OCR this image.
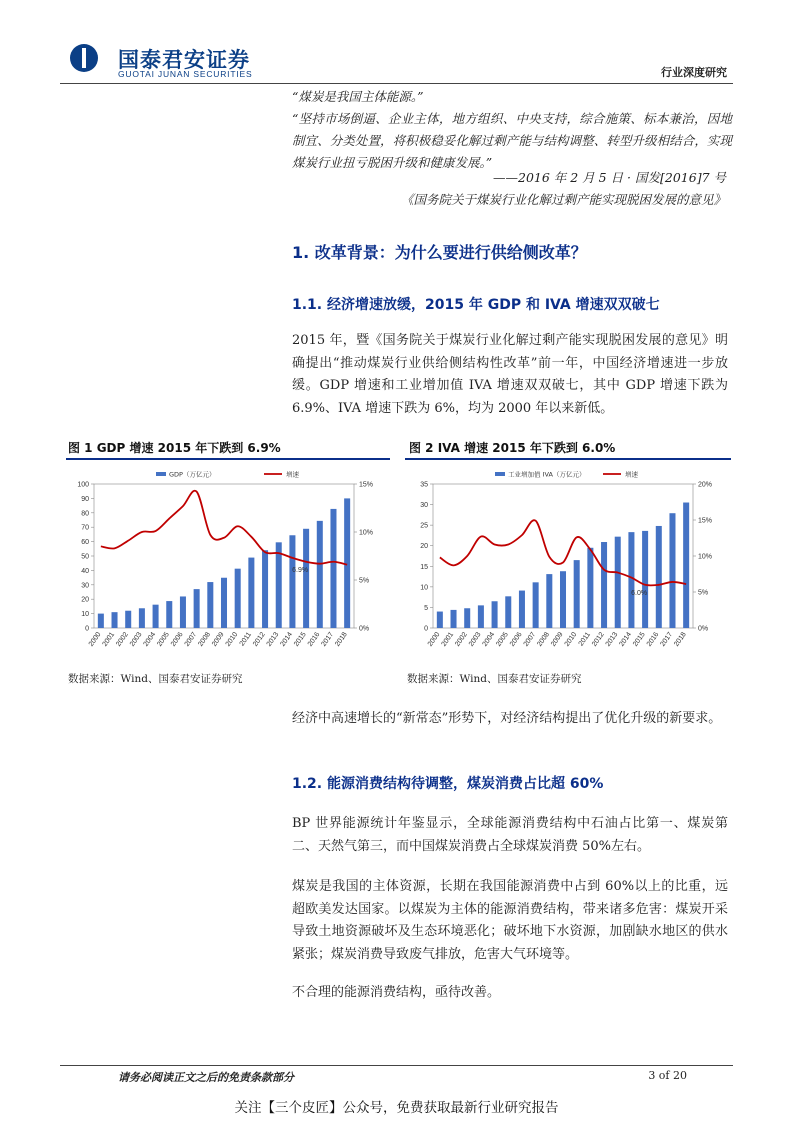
国泰君安证券
GUOTAI JUNAN SECURITIES	行业深度研究
“煤炭是我国主体能源。”
“坚持市场倒逼、企业主体，地方组织、中央支持，综合施策、标本兼治，因地制宜、分类处置，将积极稳妥化解过剩产能与结构调整、转型升级相结合，实现煤炭行业扭亏脱困升级和健康发展。”
——2016 年 2 月 5 日 · 国发[2016]7 号
《国务院关于煤炭行业化解过剩产能实现脱困发展的意见》
1. 改革背景：为什么要进行供给侧改革？
1.1. 经济增速放缓，2015 年 GDP 和 IVA 增速双双破七
2015 年，暨《国务院关于煤炭行业化解过剩产能实现脱困发展的意见》明确提出“推动煤炭行业供给侧结构性改革”前一年，中国经济增速进一步放缓。GDP 增速和工业增加值 IVA 增速双双破七，其中 GDP 增速下跌为 6.9%、IVA 增速下跌为 6%，均为 2000 年以来新低。
图 1 GDP 增速 2015 年下跌到 6.9%	图 2 IVA 增速 2015 年下跌到 6.0%
0
10
20
30
40
50
60
70
80
90
100
0%
5%
10%
15%
6.9%
2000 2001 2002 2003 2004 2005 2006 2007 2008 2009 2010 2011 2012 2013 2014 2015 2016 2017 2018
GDP（万亿元）	增速
0
5
10
15
20
25
30
35
0%
5%
10%
15%
20%
6.0%
2000 2001 2002 2003 2004 2005 2006 2007 2008 2009 2010 2011 2012 2013 2014 2015 2016 2017 2018
工业增加值 IVA（万亿元）	增速
数据来源：Wind、国泰君安证券研究	数据来源：Wind、国泰君安证券研究
经济中高速增长的“新常态”形势下，对经济结构提出了优化升级的新要求。
1.2. 能源消费结构待调整，煤炭消费占比超 60%
BP 世界能源统计年鉴显示，全球能源消费结构中石油占比第一、煤炭第二、天然气第三，而中国煤炭消费占全球煤炭消费 50%左右。
煤炭是我国的主体资源，长期在我国能源消费中占到 60%以上的比重，远超欧美发达国家。以煤炭为主体的能源消费结构，带来诸多危害：煤炭开采导致土地资源破坏及生态环境恶化；破坏地下水资源，加剧缺水地区的供水紧张；煤炭消费导致废气排放，危害大气环境等。
不合理的能源消费结构，亟待改善。
请务必阅读正文之后的免责条款部分	3 of 20
关注【三个皮匠】公众号，免费获取最新行业研究报告
